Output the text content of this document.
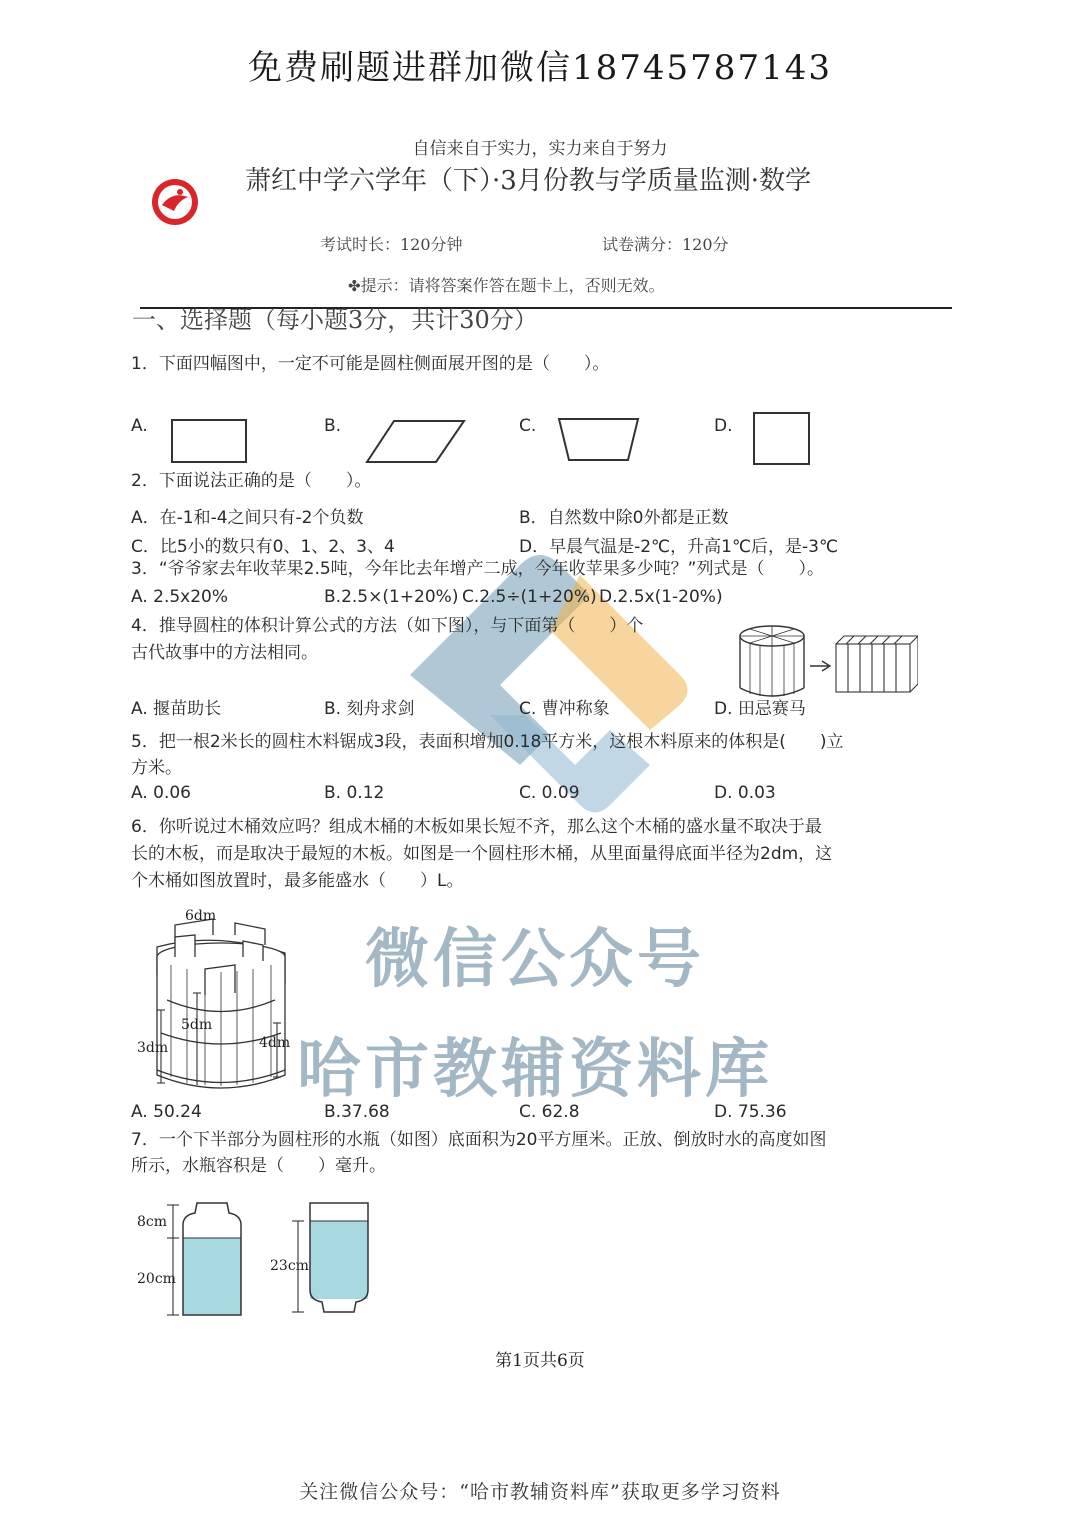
免费刷题进群加微信18745787143
自信来自于实力，实力来自于努力
萧红中学六学年（下）·3月份教与学质量监测·数学
考试时长：120分钟	试卷满分：120分
✤提示：请将答案作答在题卡上，否则无效。
一、选择题（每小题3分，共计30分）
微信公众号
哈市教辅资料库
1．下面四幅图中，一定不可能是圆柱侧面展开图的是（　　）。
A.	B.	C.	D.
2．下面说法正确的是（　　）。
A．在-1和-4之间只有-2个负数	B．自然数中除0外都是正数
C．比5小的数只有0、1、2、3、4	D．早晨气温是-2℃，升高1℃后，是-3℃
3．“爷爷家去年收苹果2.5吨，今年比去年增产二成，今年收苹果多少吨？”列式是（　　）。
A. 2.5x20%	B.2.5×(1+20%) C.2.5÷(1+20%) D.2.5x(1-20%)
4．推导圆柱的体积计算公式的方法（如下图），与下面第（　　）个
古代故事中的方法相同。
A. 揠苗助长	B. 刻舟求剑	C. 曹冲称象	D. 田忌赛马
5．把一根2米长的圆柱木料锯成3段，表面积增加0.18平方米，这根木料原来的体积是(　　)立
方米。
A. 0.06	B. 0.12	C. 0.09	D. 0.03
6．你听说过木桶效应吗？组成木桶的木板如果长短不齐，那么这个木桶的盛水量不取决于最
长的木板，而是取决于最短的木板。如图是一个圆柱形木桶，从里面量得底面半径为2dm，这
个木桶如图放置时，最多能盛水（　　）L。
6dm
5dm
3dm	4dm
A. 50.24	B.37.68	C. 62.8	D. 75.36
7．一个下半部分为圆柱形的水瓶（如图）底面积为20平方厘米。正放、倒放时水的高度如图
所示，水瓶容积是（　　）毫升。
8cm
20cm
23cm
第1页共6页
关注微信公众号：“哈市教辅资料库”获取更多学习资料
